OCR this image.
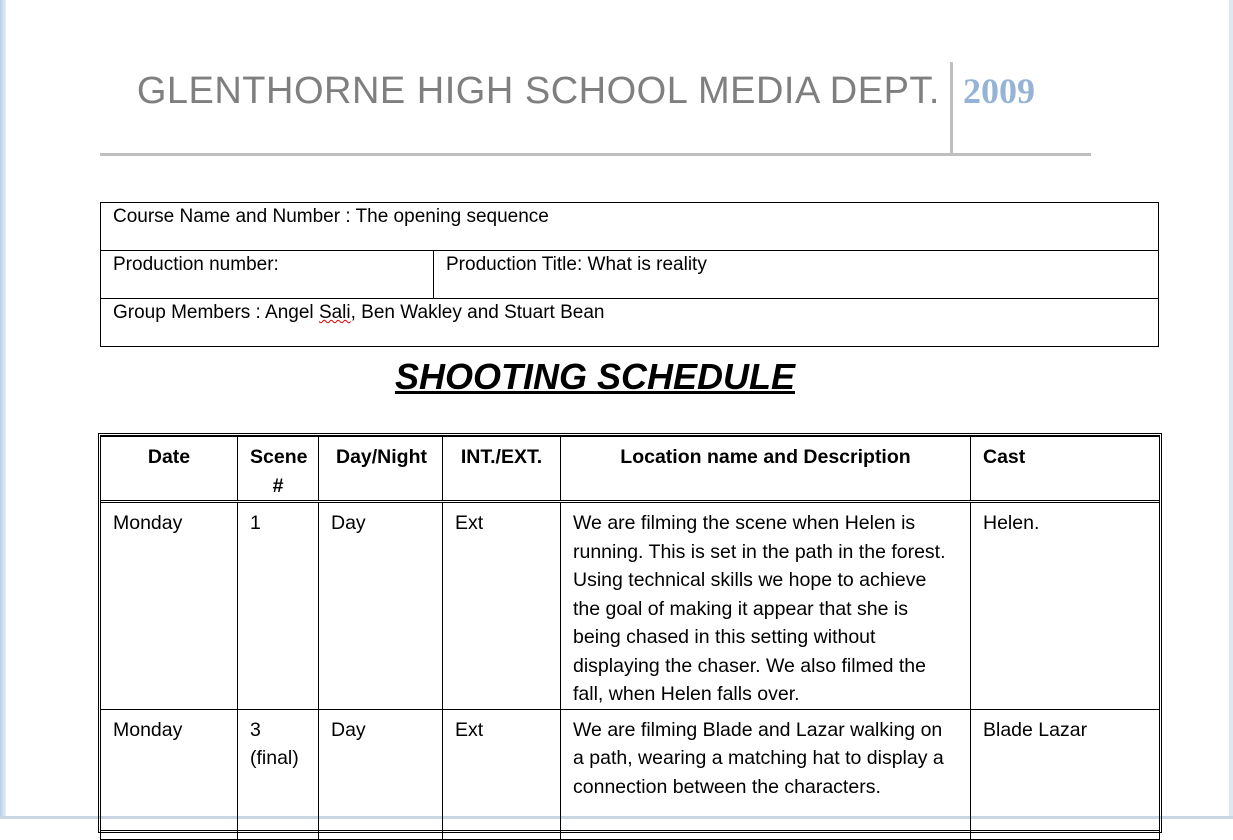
GLENTHORNE HIGH SCHOOL MEDIA DEPT. 2009
Course Name and Number : The opening sequence
Production number:	Production Title: What is reality
Group Members : Angel Sali, Ben Wakley and Stuart Bean
SHOOTING SCHEDULE
Date	Scene #	Day/Night	INT./EXT.	Location name and Description	Cast
Monday	1	Day	Ext	We are filming the scene when Helen is running. This is set in the path in the forest. Using technical skills we hope to achieve the goal of making it appear that she is being chased in this setting without displaying the chaser. We also filmed the fall, when Helen falls over.	Helen.
Monday	3 (final)	Day	Ext	We are filming Blade and Lazar walking on a path, wearing a matching hat to display a connection between the characters.	Blade Lazar
